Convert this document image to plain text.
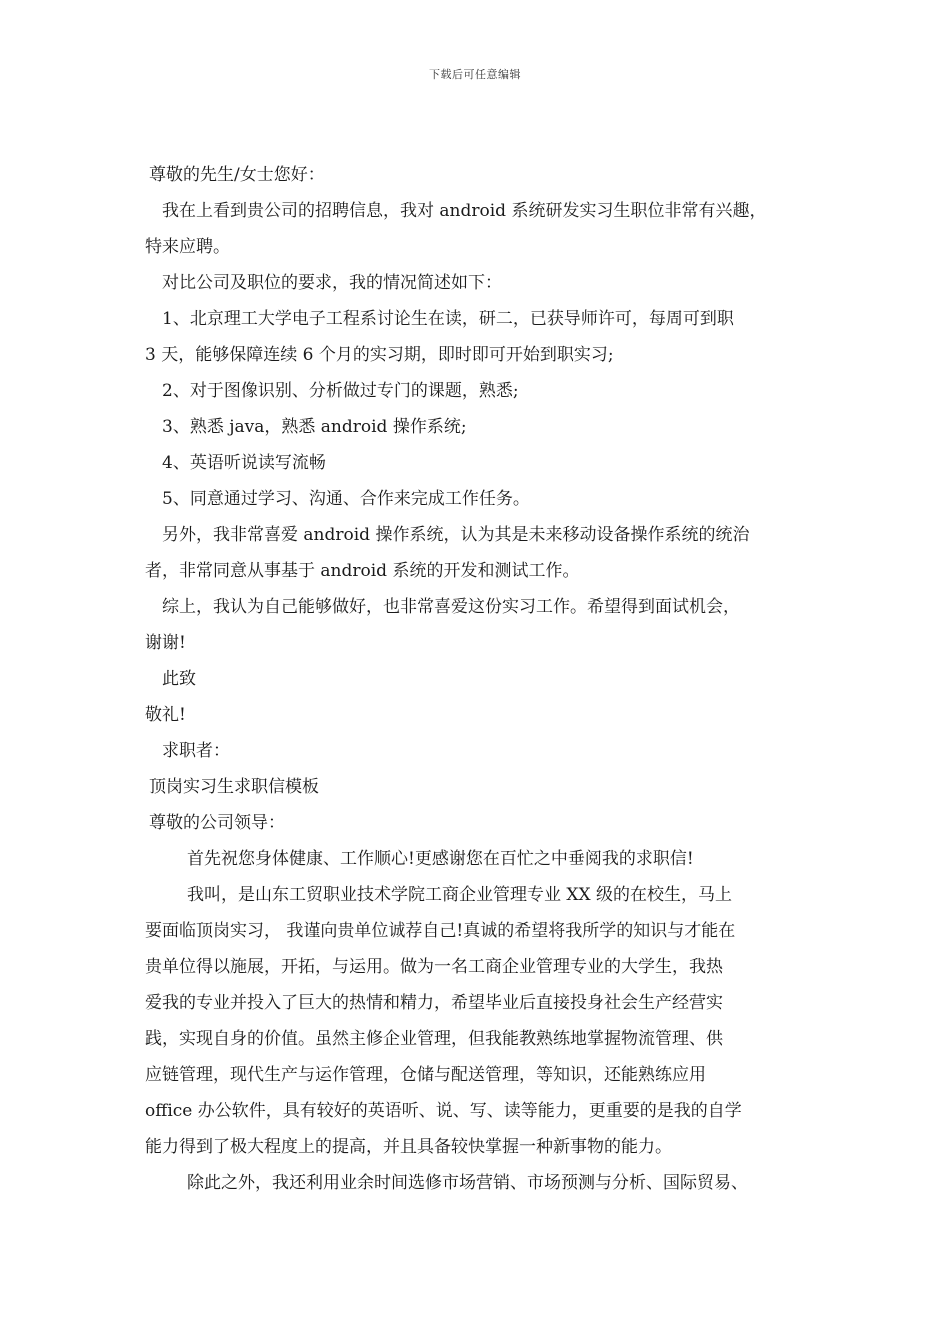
下载后可任意编辑
尊敬的先生/女士您好：
我在上看到贵公司的招聘信息，我对 android 系统研发实习生职位非常有兴趣，
特来应聘。
对比公司及职位的要求，我的情况简述如下：
1、北京理工大学电子工程系讨论生在读，研二，已获导师许可，每周可到职
3 天，能够保障连续 6 个月的实习期，即时即可开始到职实习;
2、对于图像识别、分析做过专门的课题，熟悉;
3、熟悉 java，熟悉 android 操作系统;
4、英语听说读写流畅
5、同意通过学习、沟通、合作来完成工作任务。
另外，我非常喜爱 android 操作系统，认为其是未来移动设备操作系统的统治
者，非常同意从事基于 android 系统的开发和测试工作。
综上，我认为自己能够做好，也非常喜爱这份实习工作。希望得到面试机会，
谢谢!
此致
敬礼!
求职者：
顶岗实习生求职信模板
尊敬的公司领导：
首先祝您身体健康、工作顺心!更感谢您在百忙之中垂阅我的求职信!
我叫，是山东工贸职业技术学院工商企业管理专业 XX 级的在校生，马上
要面临顶岗实习， 我谨向贵单位诚荐自己!真诚的希望将我所学的知识与才能在
贵单位得以施展，开拓，与运用。做为一名工商企业管理专业的大学生，我热
爱我的专业并投入了巨大的热情和精力，希望毕业后直接投身社会生产经营实
践，实现自身的价值。虽然主修企业管理，但我能教熟练地掌握物流管理、供
应链管理，现代生产与运作管理，仓储与配送管理，等知识，还能熟练应用
office 办公软件，具有较好的英语听、说、写、读等能力，更重要的是我的自学
能力得到了极大程度上的提高，并且具备较快掌握一种新事物的能力。
除此之外，我还利用业余时间选修市场营销、市场预测与分析、国际贸易、
